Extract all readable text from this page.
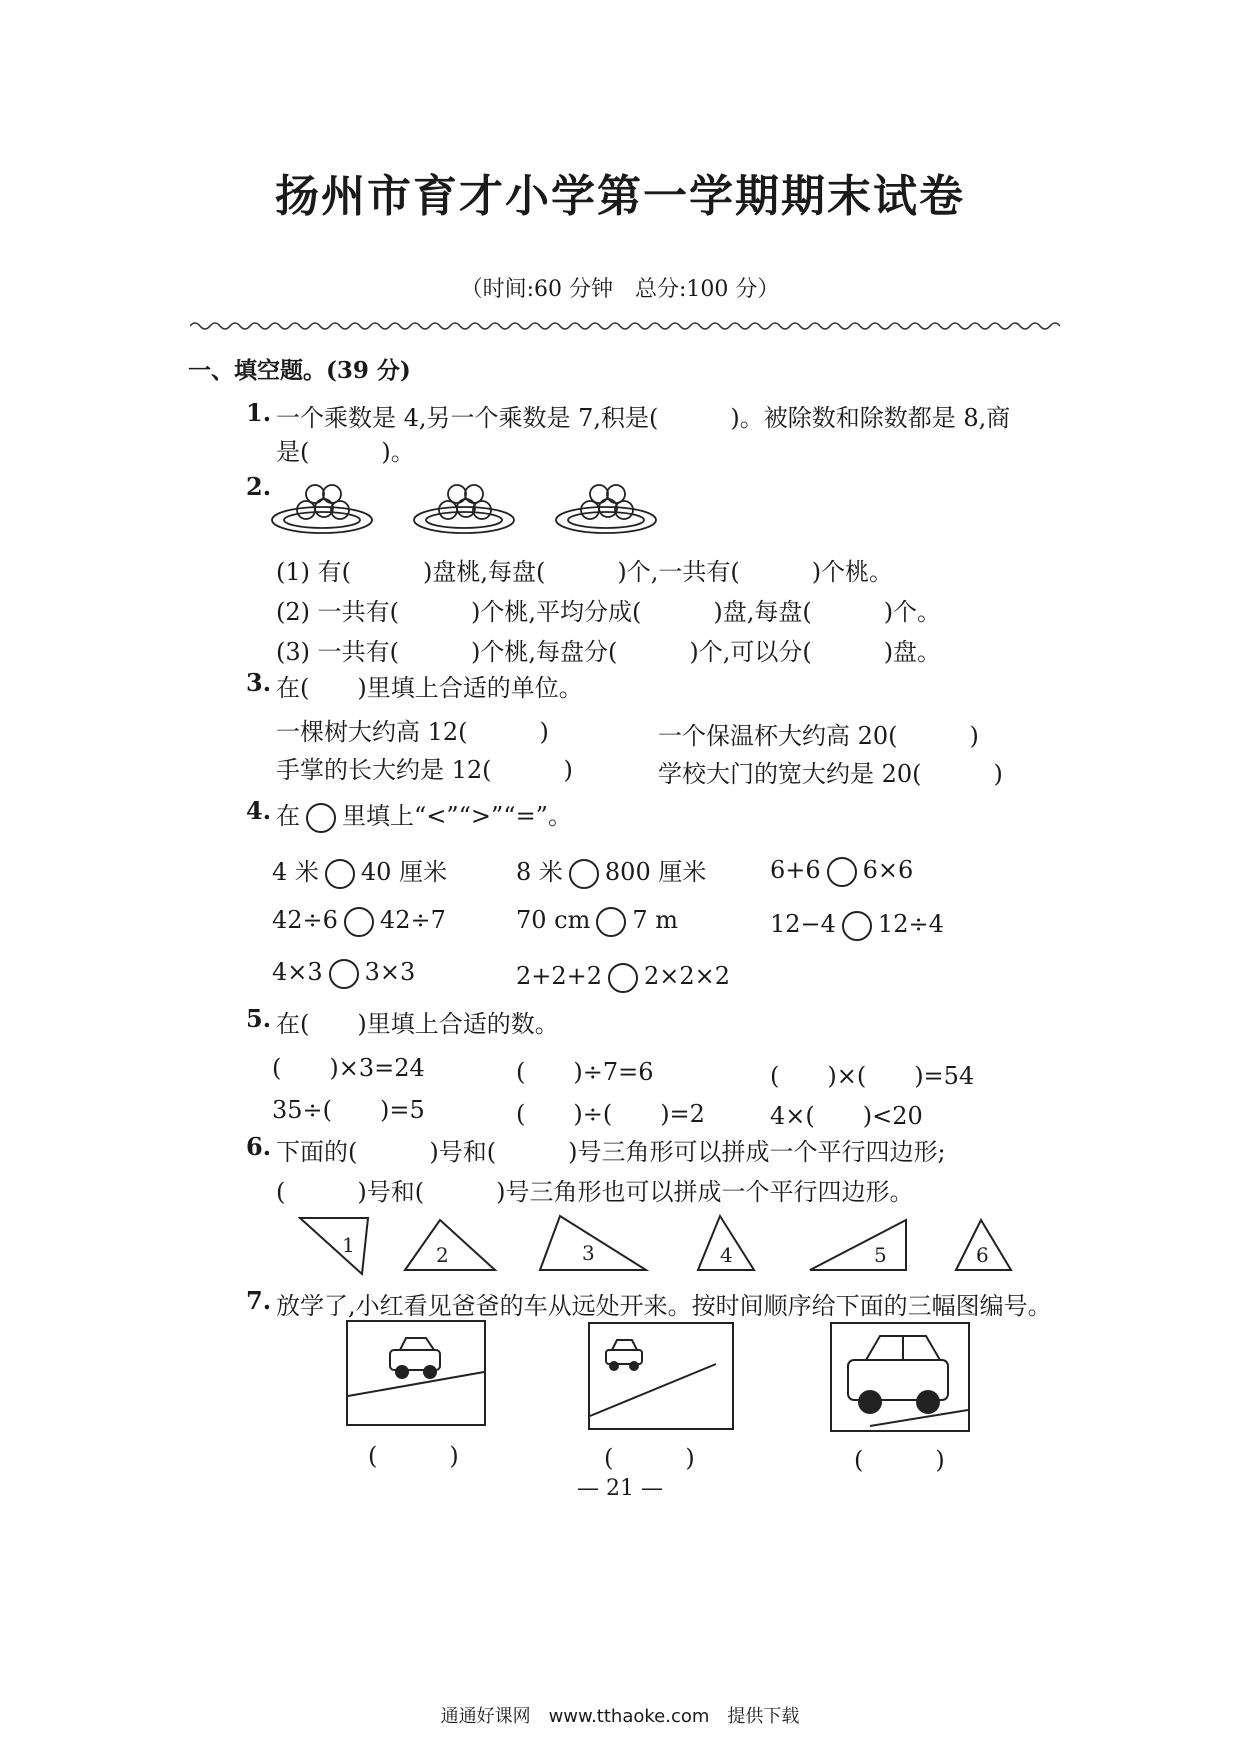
扬州市育才小学第一学期期末试卷
（时间:60 分钟　总分:100 分）
一、填空题。(39 分)
1. 一个乘数是 4,另一个乘数是 7,积是(　　　)。被除数和除数都是 8,商
是(　　　)。
2.
(1) 有(　　　)盘桃,每盘(　　　)个,一共有(　　　)个桃。
(2) 一共有(　　　)个桃,平均分成(　　　)盘,每盘(　　　)个。
(3) 一共有(　　　)个桃,每盘分(　　　)个,可以分(　　　)盘。
3. 在(　　)里填上合适的单位。
一棵树大约高 12(　　　)	一个保温杯大约高 20(　　　)
手掌的长大约是 12(　　　)	学校大门的宽大约是 20(　　　)
4. 在 里填上“<”“>”“=”。
4 米 40 厘米	8 米 800 厘米	6+6 6×6
42÷6 42÷7	70 cm 7 m	12−4 12÷4
4×3 3×3	2+2+2 2×2×2
5. 在(　　)里填上合适的数。
(　　)×3=24	(　　)÷7=6	(　　)×(　　)=54
35÷(　　)=5	(　　)÷(　　)=2	4×(　　)<20
6. 下面的(　　　)号和(　　　)号三角形可以拼成一个平行四边形;
(　　　)号和(　　　)号三角形也可以拼成一个平行四边形。
1	2	3	4	5	6
7. 放学了,小红看见爸爸的车从远处开来。按时间顺序给下面的三幅图编号。
(　　　)	(　　　)	(　　　)
— 21 —
通通好课网　www.tthaoke.com　提供下载
